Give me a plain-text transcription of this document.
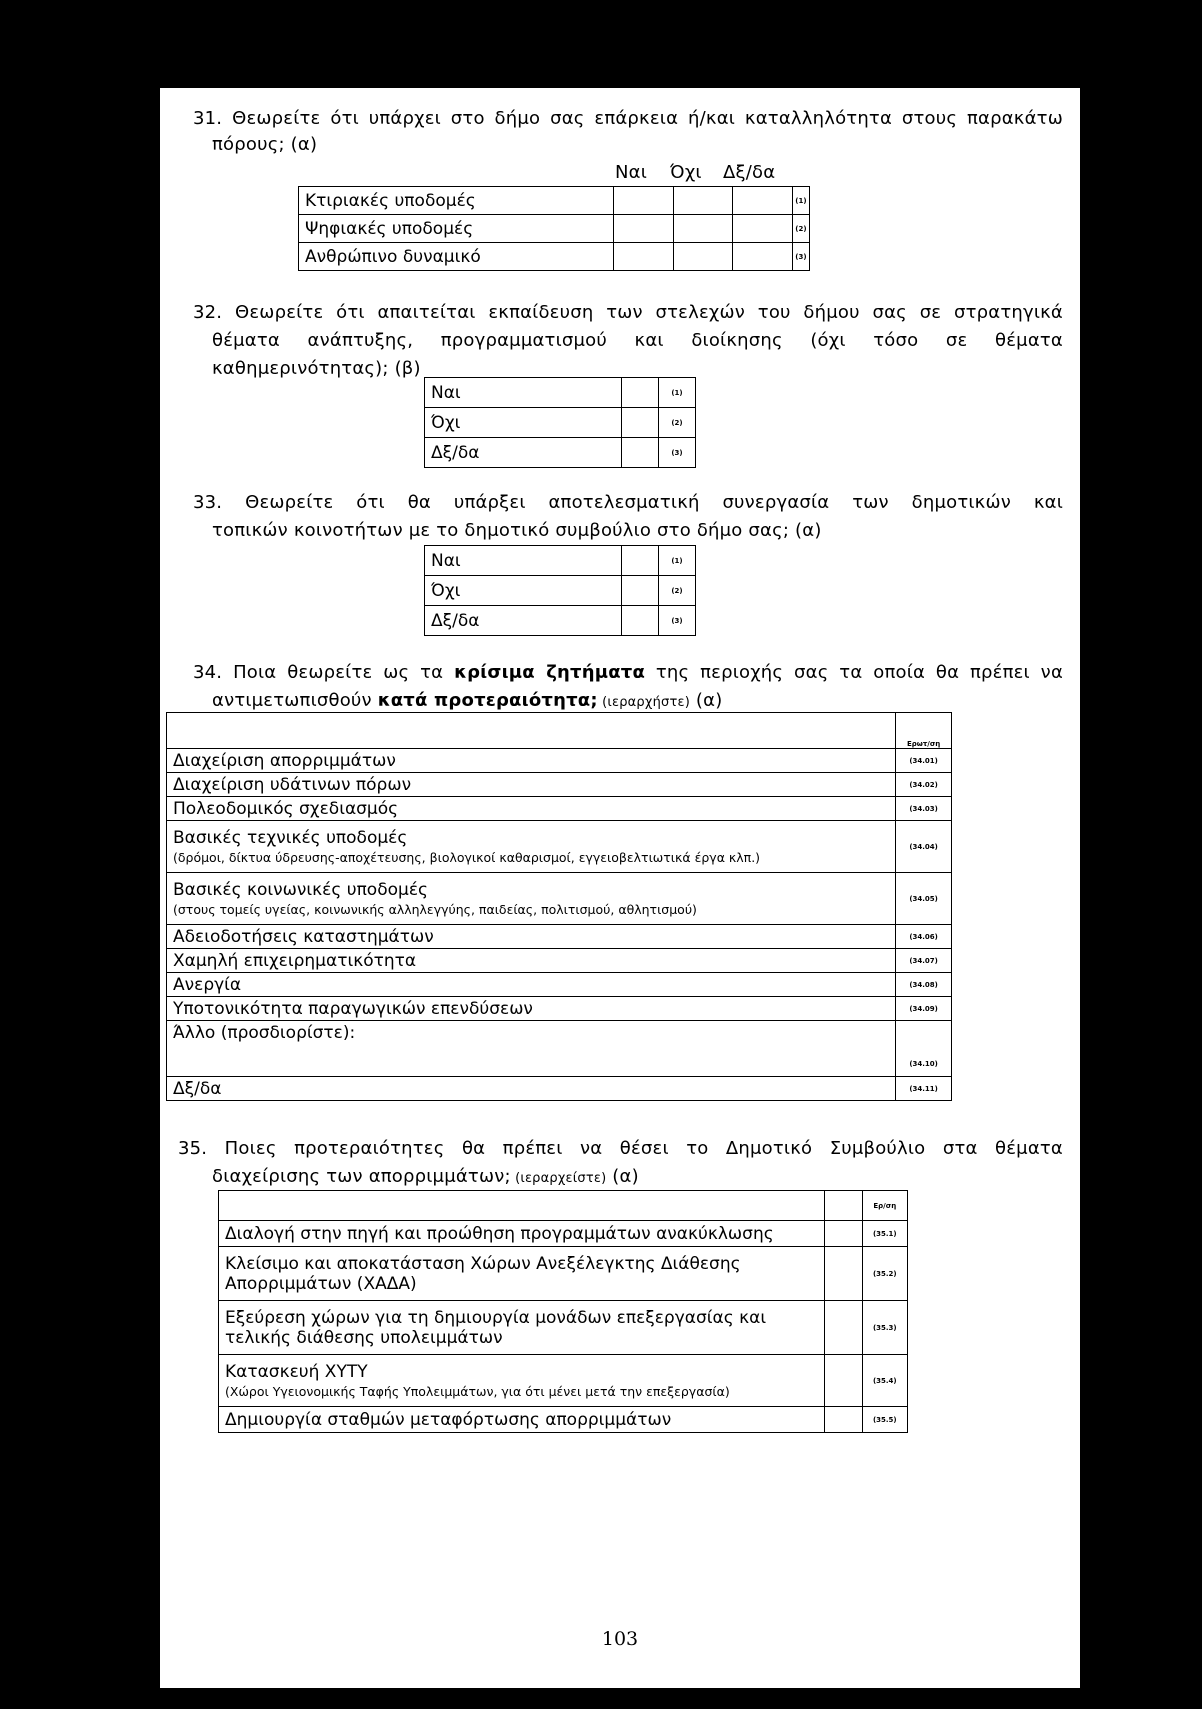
31. Θεωρείτε ότι υπάρχει στο δήμο σας επάρκεια ή/και καταλληλότητα στους παρακάτω
πόρους; (α)
Ναι Όχι Δξ/δα
Κτιριακές υποδομές				(1)
Ψηφιακές υποδομές				(2)
Ανθρώπινο δυναμικό				(3)
32. Θεωρείτε ότι απαιτείται εκπαίδευση των στελεχών του δήμου σας σε στρατηγικά
θέματα ανάπτυξης, προγραμματισμού και διοίκησης (όχι τόσο σε θέματα
καθημερινότητας); (β)
Ναι		(1)
Όχι		(2)
Δξ/δα		(3)
33. Θεωρείτε ότι θα υπάρξει αποτελεσματική συνεργασία των δημοτικών και
τοπικών κοινοτήτων με το δημοτικό συμβούλιο στο δήμο σας; (α)
Ναι		(1)
Όχι		(2)
Δξ/δα		(3)
34. Ποια θεωρείτε ως τα κρίσιμα ζητήματα της περιοχής σας τα οποία θα πρέπει να
αντιμετωπισθούν κατά προτεραιότητα; (ιεραρχήστε) (α)
	Ερωτ/ση
Διαχείριση απορριμμάτων	(34.01)
Διαχείριση υδάτινων πόρων	(34.02)
Πολεοδομικός σχεδιασμός	(34.03)
Βασικές τεχνικές υποδομές
(δρόμοι, δίκτυα ύδρευσης-αποχέτευσης, βιολογικοί καθαρισμοί, εγγειοβελτιωτικά έργα κλπ.)	(34.04)
Βασικές κοινωνικές υποδομές
(στους τομείς υγείας, κοινωνικής αλληλεγγύης, παιδείας, πολιτισμού, αθλητισμού)	(34.05)
Αδειοδοτήσεις καταστημάτων	(34.06)
Χαμηλή επιχειρηματικότητα	(34.07)
Ανεργία	(34.08)
Υποτονικότητα παραγωγικών επενδύσεων	(34.09)
Άλλο (προσδιορίστε):	(34.10)
Δξ/δα	(34.11)
35. Ποιες προτεραιότητες θα πρέπει να θέσει το Δημοτικό Συμβούλιο στα θέματα
διαχείρισης των απορριμμάτων; (ιεραρχείστε) (α)
		Ερ/ση
Διαλογή στην πηγή και προώθηση προγραμμάτων ανακύκλωσης		(35.1)
Κλείσιμο και αποκατάσταση Χώρων Ανεξέλεγκτης Διάθεσης
Απορριμμάτων (ΧΑΔΑ)		(35.2)
Εξεύρεση χώρων για τη δημιουργία μονάδων επεξεργασίας και
τελικής διάθεσης υπολειμμάτων		(35.3)
Κατασκευή ΧΥΤΥ
(Χώροι Υγειονομικής Ταφής Υπολειμμάτων, για ότι μένει μετά την επεξεργασία)		(35.4)
Δημιουργία σταθμών μεταφόρτωσης απορριμμάτων		(35.5)
103
